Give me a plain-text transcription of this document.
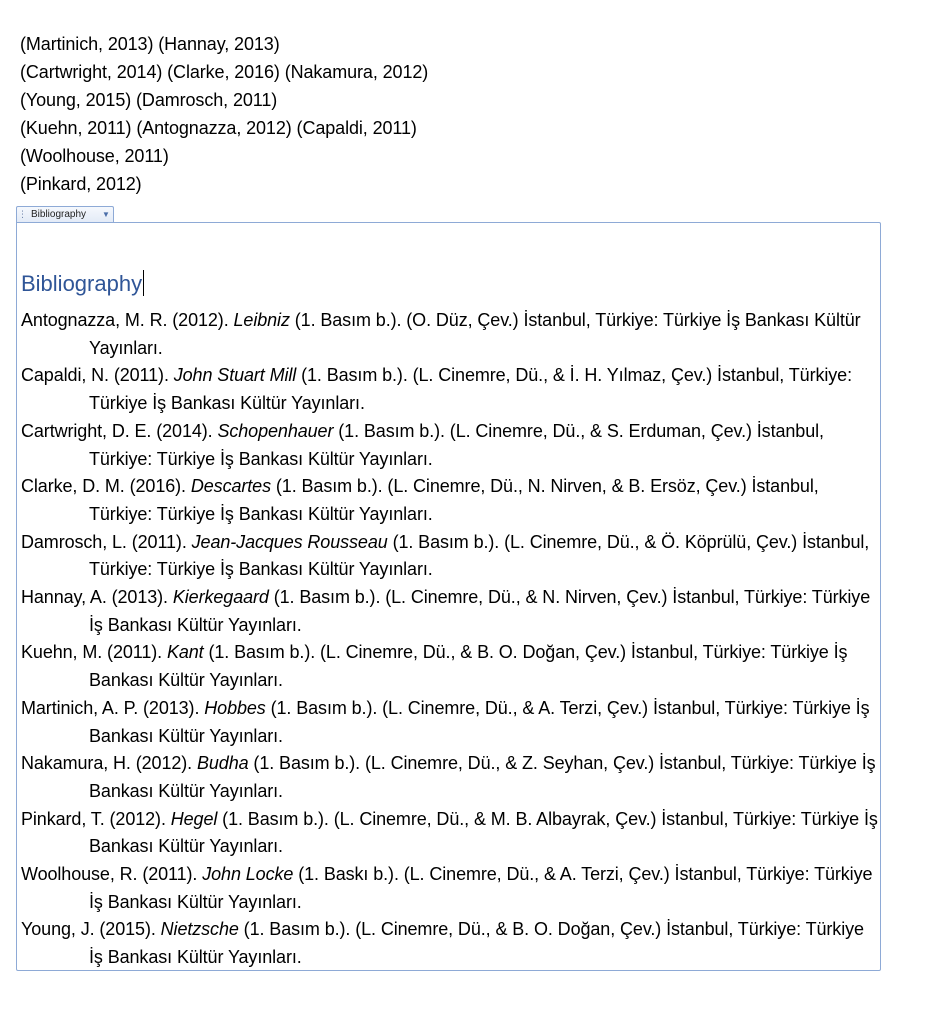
(Martinich, 2013) (Hannay, 2013)
(Cartwright, 2014) (Clarke, 2016) (Nakamura, 2012)
(Young, 2015) (Damrosch, 2011)
(Kuehn, 2011) (Antognazza, 2012) (Capaldi, 2011)
(Woolhouse, 2011)
(Pinkard, 2012)
⋮ Bibliography	▼
Bibliography
Antognazza, M. R. (2012). Leibniz (1. Basım b.). (O. Düz, Çev.) İstanbul, Türkiye: Türkiye İş Bankası Kültür Yayınları.
Capaldi, N. (2011). John Stuart Mill (1. Basım b.). (L. Cinemre, Dü., & İ. H. Yılmaz, Çev.) İstanbul, Türkiye: Türkiye İş Bankası Kültür Yayınları.
Cartwright, D. E. (2014). Schopenhauer (1. Basım b.). (L. Cinemre, Dü., & S. Erduman, Çev.) İstanbul, Türkiye: Türkiye İş Bankası Kültür Yayınları.
Clarke, D. M. (2016). Descartes (1. Basım b.). (L. Cinemre, Dü., N. Nirven, & B. Ersöz, Çev.) İstanbul, Türkiye: Türkiye İş Bankası Kültür Yayınları.
Damrosch, L. (2011). Jean-Jacques Rousseau (1. Basım b.). (L. Cinemre, Dü., & Ö. Köprülü, Çev.) İstanbul, Türkiye: Türkiye İş Bankası Kültür Yayınları.
Hannay, A. (2013). Kierkegaard (1. Basım b.). (L. Cinemre, Dü., & N. Nirven, Çev.) İstanbul, Türkiye: Türkiye İş Bankası Kültür Yayınları.
Kuehn, M. (2011). Kant (1. Basım b.). (L. Cinemre, Dü., & B. O. Doğan, Çev.) İstanbul, Türkiye: Türkiye İş Bankası Kültür Yayınları.
Martinich, A. P. (2013). Hobbes (1. Basım b.). (L. Cinemre, Dü., & A. Terzi, Çev.) İstanbul, Türkiye: Türkiye İş Bankası Kültür Yayınları.
Nakamura, H. (2012). Budha (1. Basım b.). (L. Cinemre, Dü., & Z. Seyhan, Çev.) İstanbul, Türkiye: Türkiye İş Bankası Kültür Yayınları.
Pinkard, T. (2012). Hegel (1. Basım b.). (L. Cinemre, Dü., & M. B. Albayrak, Çev.) İstanbul, Türkiye: Türkiye İş Bankası Kültür Yayınları.
Woolhouse, R. (2011). John Locke (1. Baskı b.). (L. Cinemre, Dü., & A. Terzi, Çev.) İstanbul, Türkiye: Türkiye İş Bankası Kültür Yayınları.
Young, J. (2015). Nietzsche (1. Basım b.). (L. Cinemre, Dü., & B. O. Doğan, Çev.) İstanbul, Türkiye: Türkiye İş Bankası Kültür Yayınları.
